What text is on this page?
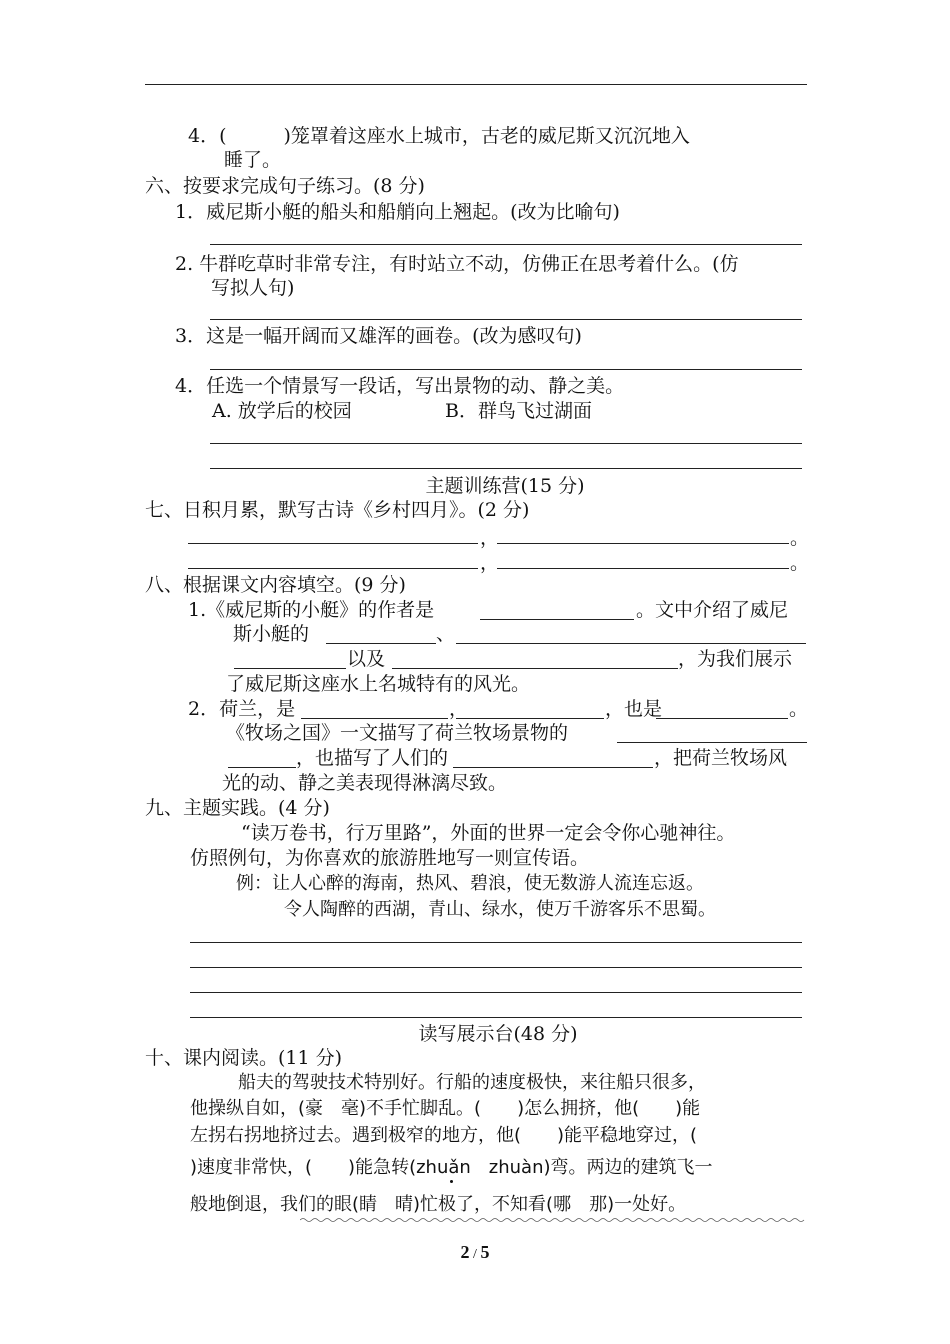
4．(　　　)笼罩着这座水上城市，古老的威尼斯又沉沉地入
睡了。
六、按要求完成句子练习。(8 分)
1．威尼斯小艇的船头和船艄向上翘起。(改为比喻句)
2. 牛群吃草时非常专注，有时站立不动，仿佛正在思考着什么。(仿
写拟人句)
3．这是一幅开阔而又雄浑的画卷。(改为感叹句)
4．任选一个情景写一段话，写出景物的动、静之美。
A. 放学后的校园	B．群鸟飞过湖面
主题训练营(15 分)
七、日积月累，默写古诗《乡村四月》。(2 分)
，	。
，	。
八、根据课文内容填空。(9 分)
1.《威尼斯的小艇》的作者是	。文中介绍了威尼
斯小艇的	、
以及	，为我们展示
了威尼斯这座水上名城特有的风光。
2．荷兰，是	，	，也是	。
《牧场之国》一文描写了荷兰牧场景物的
，也描写了人们的	，把荷兰牧场风
光的动、静之美表现得淋漓尽致。
九、主题实践。(4 分)
“读万卷书，行万里路”，外面的世界一定会令你心驰神往。
仿照例句，为你喜欢的旅游胜地写一则宣传语。
例：让人心醉的海南，热风、碧浪，使无数游人流连忘返。
令人陶醉的西湖，青山、绿水，使万千游客乐不思蜀。
读写展示台(48 分)
十、课内阅读。(11 分)
船夫的驾驶技术特别好。行船的速度极快，来往船只很多，
他操纵自如，(豪　毫)不手忙脚乱。(　　)怎么拥挤，他(　　)能
左拐右拐地挤过去。遇到极窄的地方，他(　　)能平稳地穿过，(
)速度非常快，(　　)能急转(zhuǎn　zhuàn)弯。两边的建筑飞一
般地倒退，我们的眼(睛　晴)忙极了，不知看(哪　那)一处好。
2 / 5
